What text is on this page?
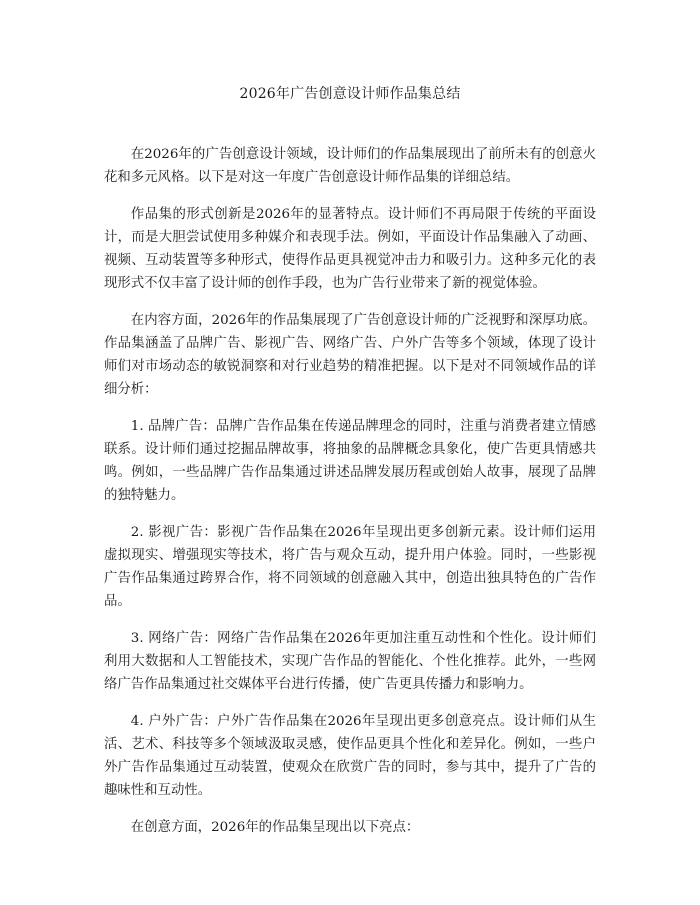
2026年广告创意设计师作品集总结

在2026年的广告创意设计领域，设计师们的作品集展现出了前所未有的创意火花和多元风格。以下是对这一年度广告创意设计师作品集的详细总结。

作品集的形式创新是2026年的显著特点。设计师们不再局限于传统的平面设计，而是大胆尝试使用多种媒介和表现手法。例如，平面设计作品集融入了动画、视频、互动装置等多种形式，使得作品更具视觉冲击力和吸引力。这种多元化的表现形式不仅丰富了设计师的创作手段，也为广告行业带来了新的视觉体验。

在内容方面，2026年的作品集展现了广告创意设计师的广泛视野和深厚功底。作品集涵盖了品牌广告、影视广告、网络广告、户外广告等多个领域，体现了设计师们对市场动态的敏锐洞察和对行业趋势的精准把握。以下是对不同领域作品的详细分析：

1. 品牌广告：品牌广告作品集在传递品牌理念的同时，注重与消费者建立情感联系。设计师们通过挖掘品牌故事，将抽象的品牌概念具象化，使广告更具情感共鸣。例如，一些品牌广告作品集通过讲述品牌发展历程或创始人故事，展现了品牌的独特魅力。

2. 影视广告：影视广告作品集在2026年呈现出更多创新元素。设计师们运用虚拟现实、增强现实等技术，将广告与观众互动，提升用户体验。同时，一些影视广告作品集通过跨界合作，将不同领域的创意融入其中，创造出独具特色的广告作品。

3. 网络广告：网络广告作品集在2026年更加注重互动性和个性化。设计师们利用大数据和人工智能技术，实现广告作品的智能化、个性化推荐。此外，一些网络广告作品集通过社交媒体平台进行传播，使广告更具传播力和影响力。

4. 户外广告：户外广告作品集在2026年呈现出更多创意亮点。设计师们从生活、艺术、科技等多个领域汲取灵感，使作品更具个性化和差异化。例如，一些户外广告作品集通过互动装置，使观众在欣赏广告的同时，参与其中，提升了广告的趣味性和互动性。

在创意方面，2026年的作品集呈现出以下亮点：
